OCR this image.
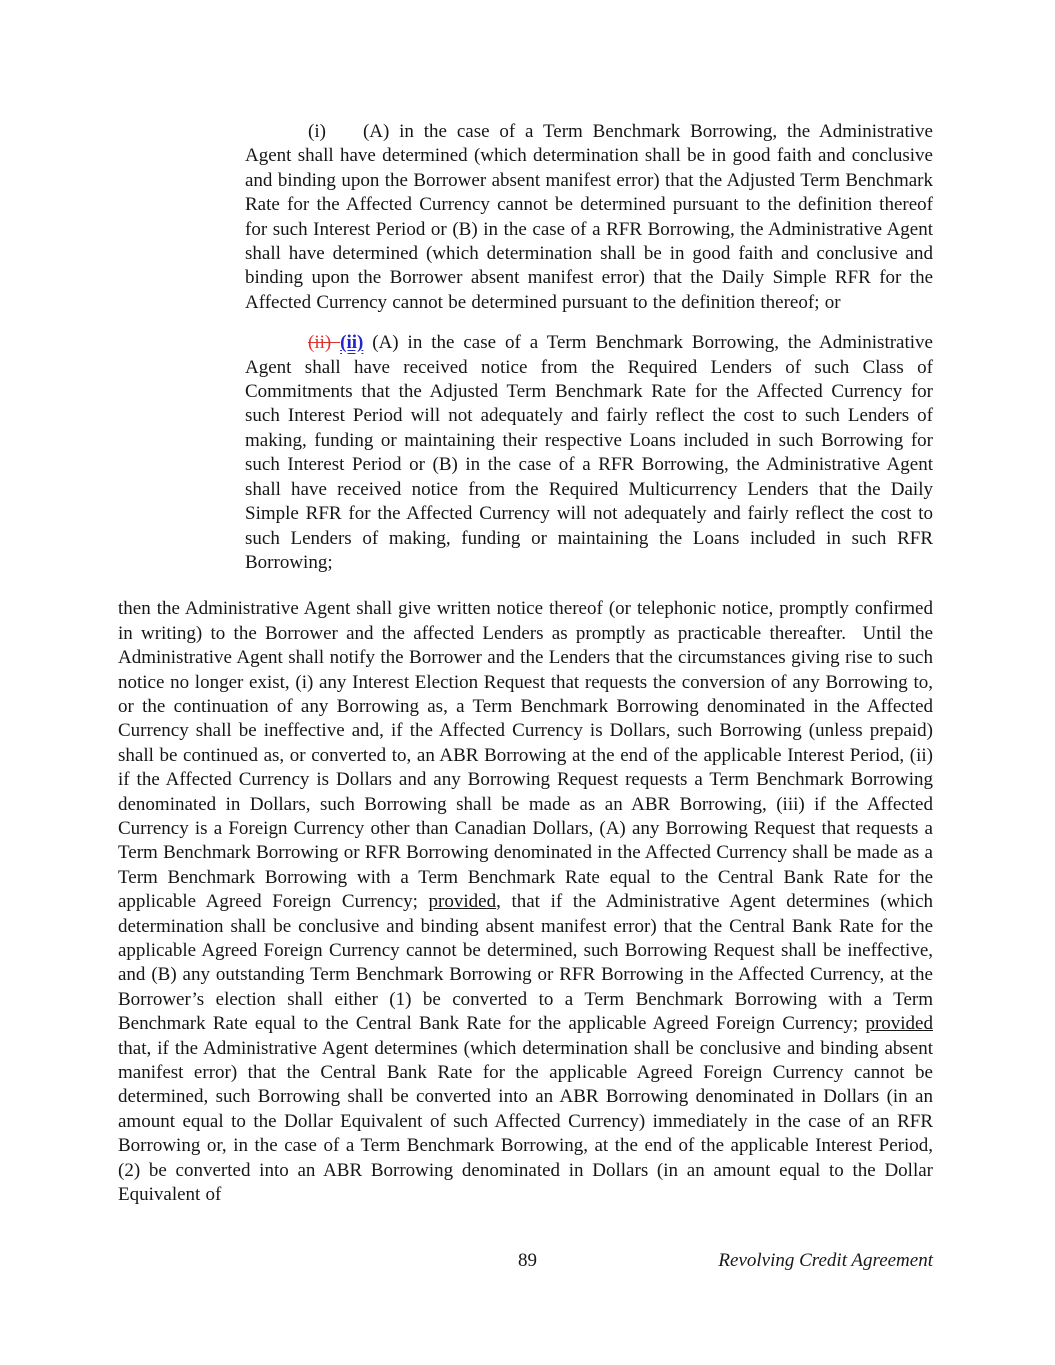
(i) (A) in the case of a Term Benchmark Borrowing, the Administrative Agent shall have determined (which determination shall be in good faith and conclusive and binding upon the Borrower absent manifest error) that the Adjusted Term Benchmark Rate for the Affected Currency cannot be determined pursuant to the definition thereof for such Interest Period or (B) in the case of a RFR Borrowing, the Administrative Agent shall have determined (which determination shall be in good faith and conclusive and binding upon the Borrower absent manifest error) that the Daily Simple RFR for the Affected Currency cannot be determined pursuant to the definition thereof; or

(ii) (ii) (A) in the case of a Term Benchmark Borrowing, the Administrative Agent shall have received notice from the Required Lenders of such Class of Commitments that the Adjusted Term Benchmark Rate for the Affected Currency for such Interest Period will not adequately and fairly reflect the cost to such Lenders of making, funding or maintaining their respective Loans included in such Borrowing for such Interest Period or (B) in the case of a RFR Borrowing, the Administrative Agent shall have received notice from the Required Multicurrency Lenders that the Daily Simple RFR for the Affected Currency will not adequately and fairly reflect the cost to such Lenders of making, funding or maintaining the Loans included in such RFR Borrowing;

then the Administrative Agent shall give written notice thereof (or telephonic notice, promptly confirmed in writing) to the Borrower and the affected Lenders as promptly as practicable thereafter.  Until the Administrative Agent shall notify the Borrower and the Lenders that the circumstances giving rise to such notice no longer exist, (i) any Interest Election Request that requests the conversion of any Borrowing to, or the continuation of any Borrowing as, a Term Benchmark Borrowing denominated in the Affected Currency shall be ineffective and, if the Affected Currency is Dollars, such Borrowing (unless prepaid) shall be continued as, or converted to, an ABR Borrowing at the end of the applicable Interest Period, (ii) if the Affected Currency is Dollars and any Borrowing Request requests a Term Benchmark Borrowing denominated in Dollars, such Borrowing shall be made as an ABR Borrowing, (iii) if the Affected Currency is a Foreign Currency other than Canadian Dollars, (A) any Borrowing Request that requests a Term Benchmark Borrowing or RFR Borrowing denominated in the Affected Currency shall be made as a Term Benchmark Borrowing with a Term Benchmark Rate equal to the Central Bank Rate for the applicable Agreed Foreign Currency; provided, that if the Administrative Agent determines (which determination shall be conclusive and binding absent manifest error) that the Central Bank Rate for the applicable Agreed Foreign Currency cannot be determined, such Borrowing Request shall be ineffective, and (B) any outstanding Term Benchmark Borrowing or RFR Borrowing in the Affected Currency, at the Borrower’s election shall either (1) be converted to a Term Benchmark Borrowing with a Term Benchmark Rate equal to the Central Bank Rate for the applicable Agreed Foreign Currency; provided that, if the Administrative Agent determines (which determination shall be conclusive and binding absent manifest error) that the Central Bank Rate for the applicable Agreed Foreign Currency cannot be determined, such Borrowing shall be converted into an ABR Borrowing denominated in Dollars (in an amount equal to the Dollar Equivalent of such Affected Currency) immediately in the case of an RFR Borrowing or, in the case of a Term Benchmark Borrowing, at the end of the applicable Interest Period, (2) be converted into an ABR Borrowing denominated in Dollars (in an amount equal to the Dollar Equivalent of

89	Revolving Credit Agreement
